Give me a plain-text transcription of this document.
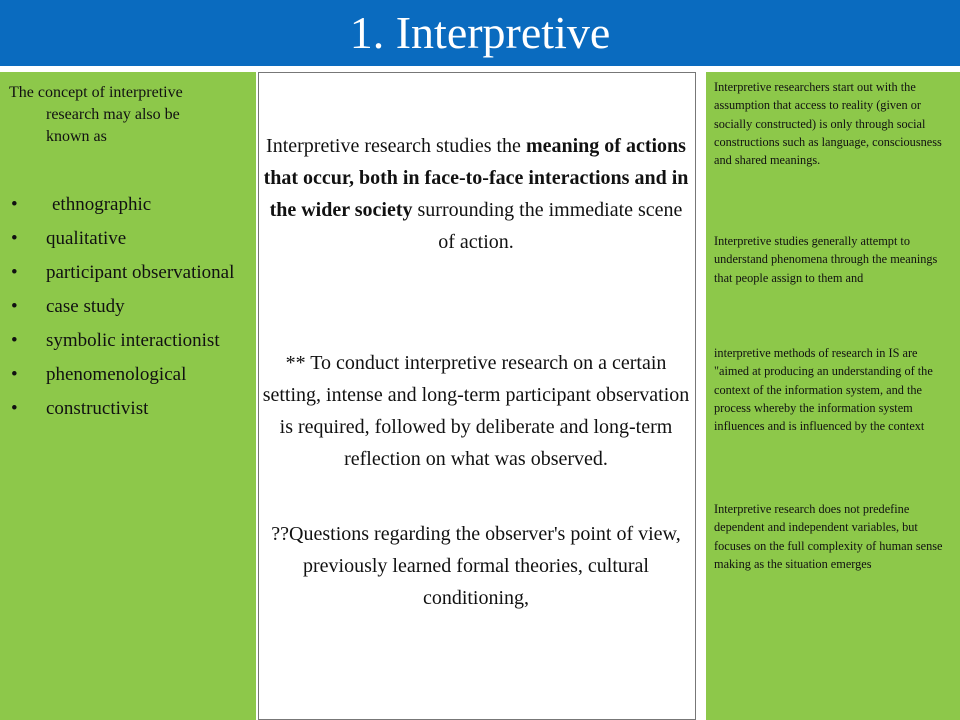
1. Interpretive
The concept of interpretive
research may also be
known as
• ethnographic
• qualitative
• participant observational
• case study
• symbolic interactionist
• phenomenological
• constructivist
Interpretive research studies the meaning of actions that occur, both in face-to-face interactions and in the wider society surrounding the immediate scene of action.
** To conduct interpretive research on a certain setting, intense and long-term participant observation is required, followed by deliberate and long-term reflection on what was observed.
??Questions regarding the observer's point of view, previously learned formal theories, cultural conditioning,
Interpretive researchers start out with the assumption that access to reality (given or socially constructed) is only through social constructions such as language, consciousness and shared meanings.
Interpretive studies generally attempt to understand phenomena through the meanings that people assign to them and
interpretive methods of research in IS are "aimed at producing an understanding of the context of the information system, and the process whereby the information system influences and is influenced by the context
Interpretive research does not predefine dependent and independent variables, but focuses on the full complexity of human sense making as the situation emerges
